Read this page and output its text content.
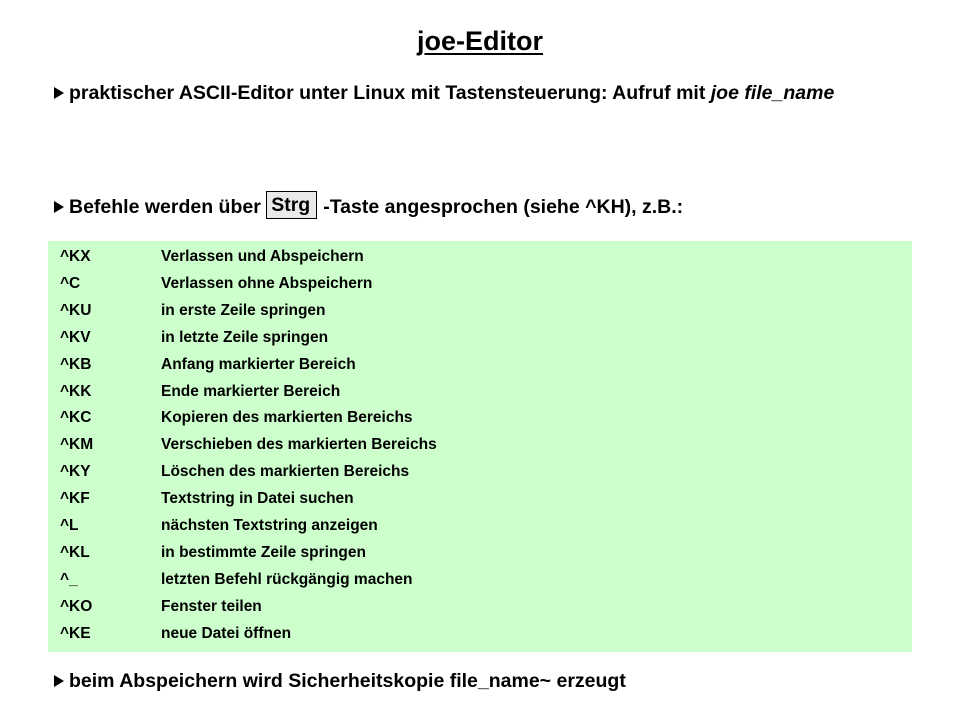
joe-Editor
praktischer ASCII-Editor unter Linux mit Tastensteuerung: Aufruf mit joe file_name
Befehle werden über Strg -Taste angesprochen (siehe ^KH), z.B.:
^KX	Verlassen und Abspeichern
^C	Verlassen ohne Abspeichern
^KU	in erste Zeile springen
^KV	in letzte Zeile springen
^KB	Anfang markierter Bereich
^KK	Ende markierter Bereich
^KC	Kopieren des markierten Bereichs
^KM	Verschieben des markierten Bereichs
^KY	Löschen des markierten Bereichs
^KF	Textstring in Datei suchen
^L	nächsten Textstring anzeigen
^KL	in bestimmte Zeile springen
^_	letzten Befehl rückgängig machen
^KO	Fenster teilen
^KE	neue Datei öffnen
beim Abspeichern wird Sicherheitskopie file_name~ erzeugt
